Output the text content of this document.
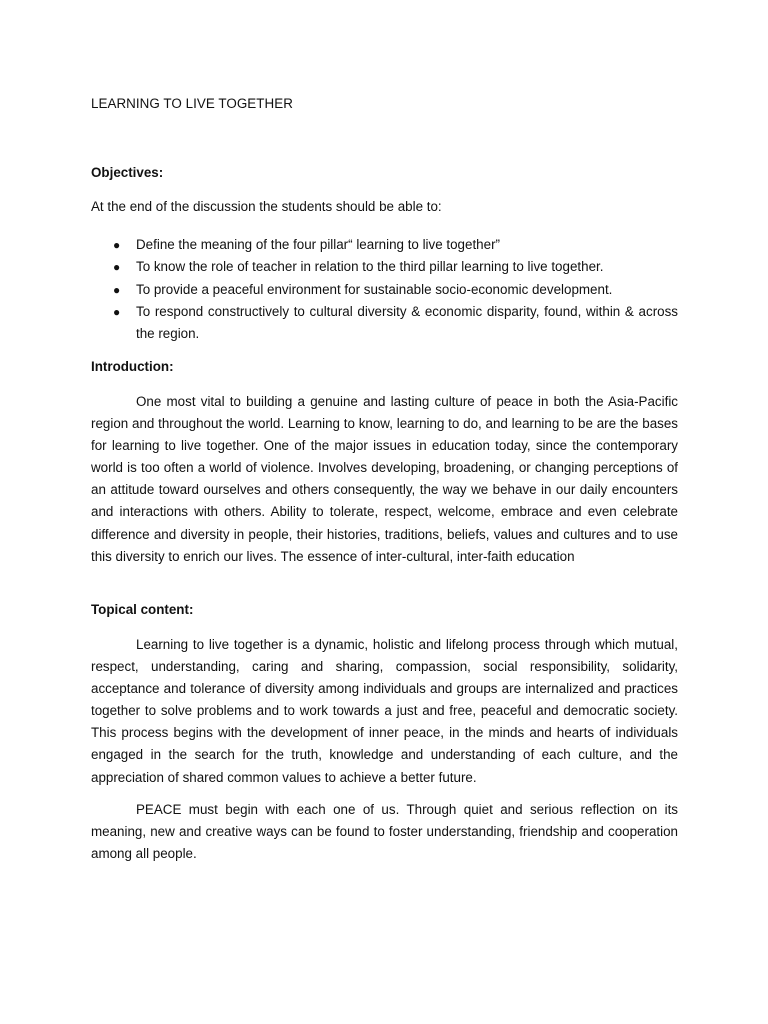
LEARNING TO LIVE TOGETHER
Objectives:

At the end of the discussion the students should be able to:

● Define the meaning of the four pillar“ learning to live together”
● To know the role of teacher in relation to the third pillar learning to live together.
● To provide a peaceful environment for sustainable socio-economic development.
● To respond constructively to cultural diversity & economic disparity, found, within & across the region.
Introduction:

One most vital to building a genuine and lasting culture of peace in both the Asia-Pacific region and throughout the world. Learning to know, learning to do, and learning to be are the bases for learning to live together. One of the major issues in education today, since the contemporary world is too often a world of violence. Involves developing, broadening, or changing perceptions of an attitude toward ourselves and others consequently, the way we behave in our daily encounters and interactions with others. Ability to tolerate, respect, welcome, embrace and even celebrate difference and diversity in people, their histories, traditions, beliefs, values and cultures and to use this diversity to enrich our lives. The essence of inter-cultural, inter-faith education

Topical content:

Learning to live together is a dynamic, holistic and lifelong process through which mutual, respect, understanding, caring and sharing, compassion, social responsibility, solidarity, acceptance and tolerance of diversity among individuals and groups are internalized and practices together to solve problems and to work towards a just and free, peaceful and democratic society. This process begins with the development of inner peace, in the minds and hearts of individuals engaged in the search for the truth, knowledge and understanding of each culture, and the appreciation of shared common values to achieve a better future.

PEACE must begin with each one of us. Through quiet and serious reflection on its meaning, new and creative ways can be found to foster understanding, friendship and cooperation among all people.
